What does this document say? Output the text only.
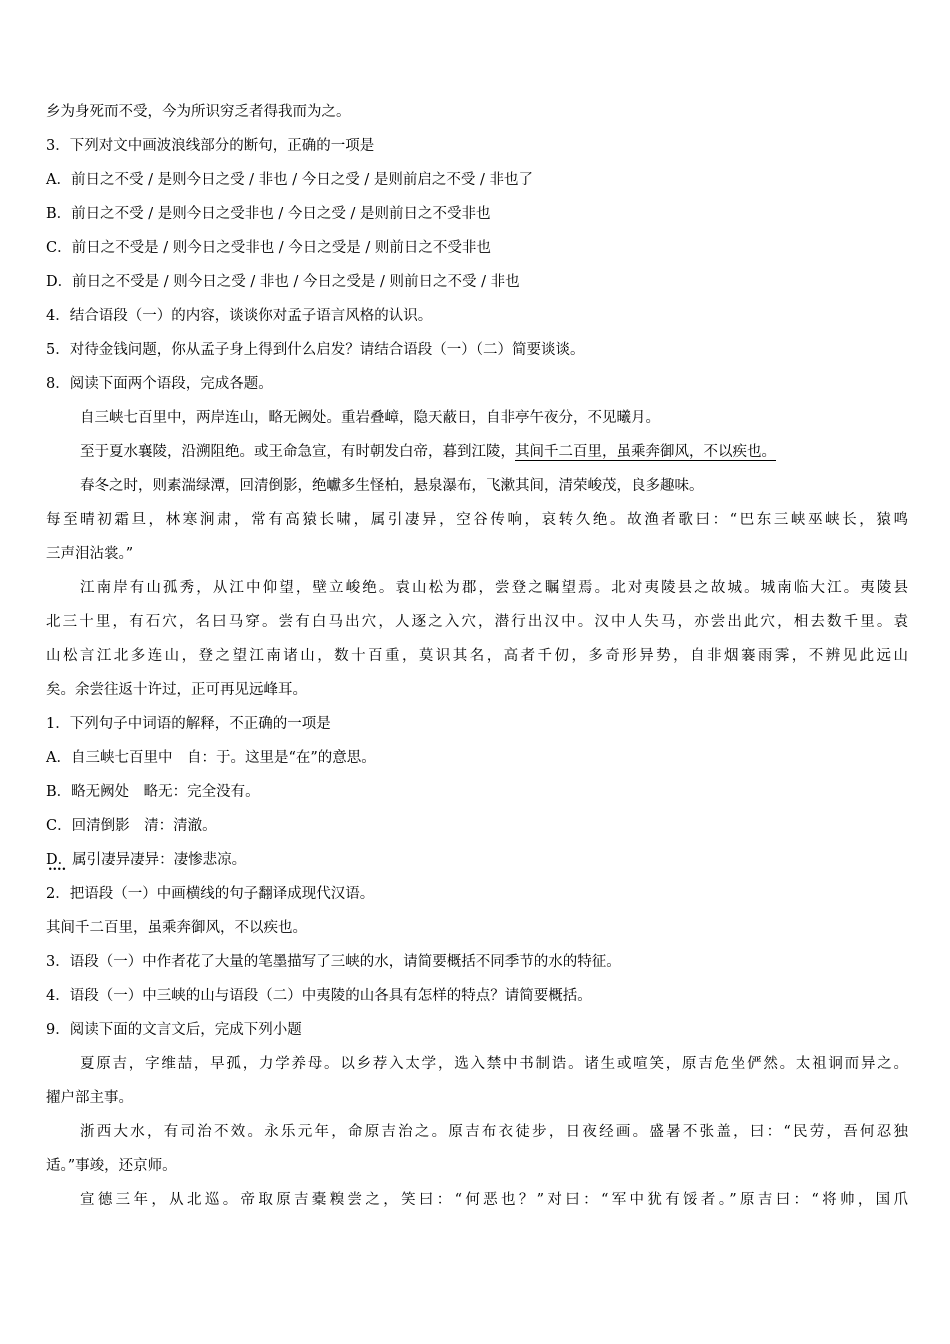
乡为身死而不受，今为所识穷乏者得我而为之。
3．下列对文中画波浪线部分的断句，正确的一项是
A．前日之不受 / 是则今日之受 / 非也 / 今日之受 / 是则前启之不受 / 非也了
B．前日之不受 / 是则今日之受非也 / 今日之受 / 是则前日之不受非也
C．前日之不受是 / 则今日之受非也 / 今日之受是 / 则前日之不受非也
D．前日之不受是 / 则今日之受 / 非也 / 今日之受是 / 则前日之不受 / 非也
4．结合语段（一）的内容，谈谈你对孟子语言风格的认识。
5．对待金钱问题，你从孟子身上得到什么启发？请结合语段（一）（二）简要谈谈。
8．阅读下面两个语段，完成各题。
自三峡七百里中，两岸连山，略无阙处。重岩叠嶂，隐天蔽日，自非亭午夜分，不见曦月。
至于夏水襄陵，沿溯阻绝。或王命急宣，有时朝发白帝，暮到江陵，其间千二百里，虽乘奔御风，不以疾也。
春冬之时，则素湍绿潭，回清倒影，绝巘多生怪柏，悬泉瀑布，飞漱其间，清荣峻茂，良多趣味。
每至晴初霜旦，林寒涧肃，常有高猿长啸，属引凄异，空谷传响，哀转久绝。故渔者歌曰：“巴东三峡巫峡长，猿鸣
三声泪沾裳。”
江南岸有山孤秀，从江中仰望，壁立峻绝。袁山松为郡，尝登之瞩望焉。北对夷陵县之故城。城南临大江。夷陵县
北三十里，有石穴，名曰马穿。尝有白马出穴，人逐之入穴，潜行出汉中。汉中人失马，亦尝出此穴，相去数千里。袁
山松言江北多连山，登之望江南诸山，数十百重，莫识其名，高者千仞，多奇形异势，自非烟褰雨霁，不辨见此远山
矣。余尝往返十许过，正可再见远峰耳。
1．下列句子中词语的解释，不正确的一项是
A．自三峡七百里中　自：于。这里是“在”的意思。
B．略无阙处　略无：完全没有。
C．回清倒影　清：清澈。
D．属引凄异 ....凄异：凄惨悲凉。
2．把语段（一）中画横线的句子翻译成现代汉语。
其间千二百里，虽乘奔御风，不以疾也。
3．语段（一）中作者花了大量的笔墨描写了三峡的水，请简要概括不同季节的水的特征。
4．语段（一）中三峡的山与语段（二）中夷陵的山各具有怎样的特点？请简要概括。
9．阅读下面的文言文后，完成下列小题
夏原吉，字维喆，早孤，力学养母。以乡荐入太学，选入禁中书制诰。诸生或喧笑，原吉危坐俨然。太祖诇而异之。
擢户部主事。
浙西大水，有司治不效。永乐元年，命原吉治之。原吉布衣徒步，日夜经画。盛暑不张盖，曰：“民劳，吾何忍独
适。”事竣，还京师。
宣德三年，从北巡。帝取原吉橐糗尝之，笑曰：“何恶也？”对曰：“军中犹有馁者。”原吉曰：“将帅，国爪
